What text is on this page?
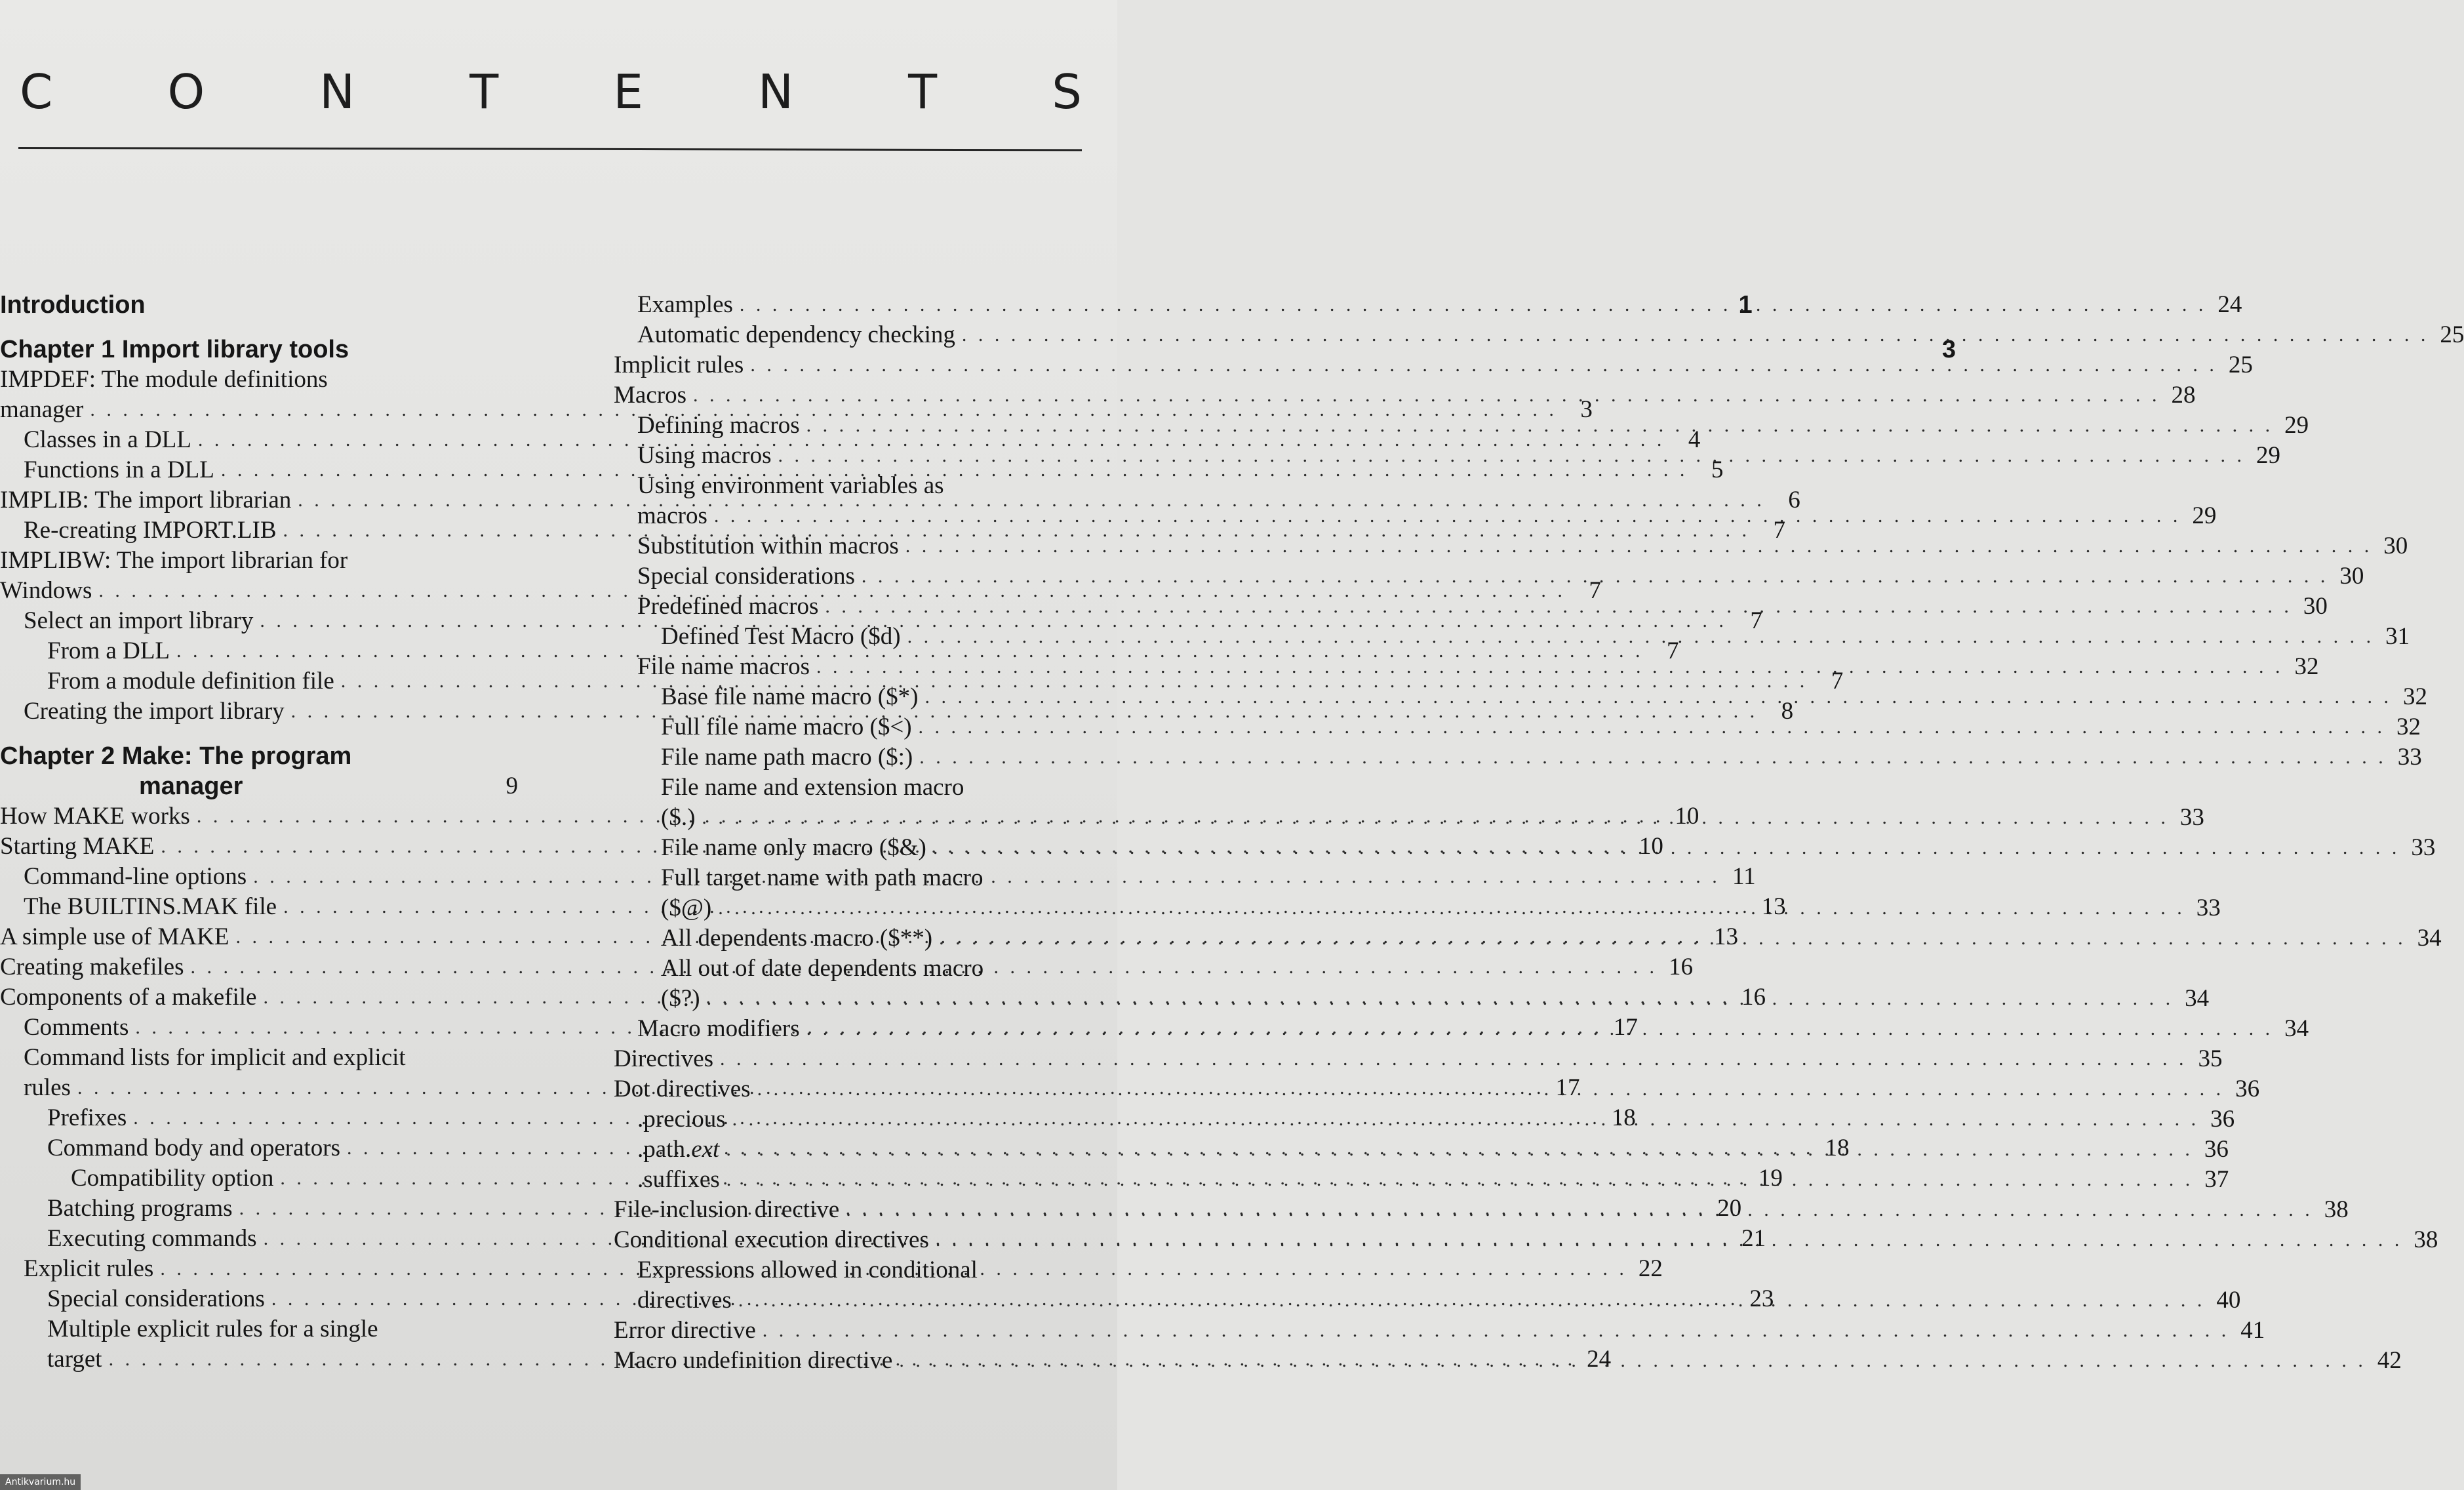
C O N T E N T S
Introduction	1
Chapter 1 Import library tools	3
IMPDEF: The module definitions
manager . . .	3
Classes in a DLL . . .	4
Functions in a DLL . . .	5
IMPLIB: The import librarian . . .	6
Re-creating IMPORT.LIB . . .	7
IMPLIBW: The import librarian for
Windows . . .	7
Select an import library . . .	7
From a DLL . . .	7
From a module definition file . . .	7
Creating the import library . . .	8
Chapter 2 Make: The program
manager	9
How MAKE works . . .	10
Starting MAKE . . .	10
Command-line options . . .	11
The BUILTINS.MAK file . . .	13
A simple use of MAKE . . .	13
Creating makefiles . . .	16
Components of a makefile . . .	16
Comments . . .	17
Command lists for implicit and explicit
rules . . .	17
Prefixes . . .	18
Command body and operators . . .	18
Compatibility option . . .	19
Batching programs . . .	20
Executing commands . . .	21
Explicit rules . . .	22
Special considerations . . .	23
Multiple explicit rules for a single
target . . .	24
Examples . . .	24
Automatic dependency checking . . .	25
Implicit rules . . .	25
Macros . . .	28
Defining macros . . .	29
Using macros . . .	29
Using environment variables as
macros . . .	29
Substitution within macros . . .	30
Special considerations . . .	30
Predefined macros . . .	30
Defined Test Macro ($d) . . .	31
File name macros . . .	32
Base file name macro ($*) . . .	32
Full file name macro ($<) . . .	32
File name path macro ($:) . . .	33
File name and extension macro
($.) . . .	33
File name only macro ($&) . . .	33
Full target name with path macro
($@) . . .	33
All dependents macro ($**) . . .	34
All out of date dependents macro
($?) . . .	34
Macro modifiers . . .	34
Directives . . .	35
Dot directives . . .	36
.precious . . .	36
.path.ext . . .	36
.suffixes . . .	37
File-inclusion directive . . .	38
Conditional execution directives . . .	38
Expressions allowed in conditional
directives . . .	40
Error directive . . .	41
Macro undefinition directive . . .	42
Antikvarium.hu
